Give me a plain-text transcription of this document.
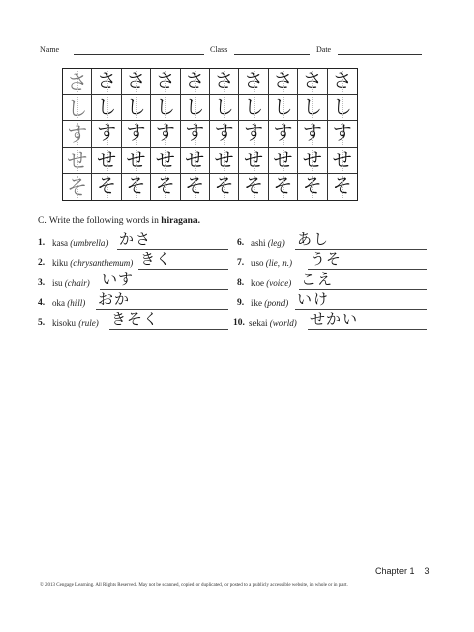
Name	Class	Date
さ さ さ さ さ さ さ さ さ さ
し し し し し し し し し し
す す す す す す す す す す
せ せ せ せ せ せ せ せ せ せ
そ そ そ そ そ そ そ そ そ そ
C. Write the following words in hiragana.
1. kasa (umbrella) かさ
2. kiku (chrysanthemum) きく
3. isu (chair) いす
4. oka (hill) おか
5. kisoku (rule) きそく
6. ashi (leg) あし
7. uso (lie, n.) うそ
8. koe (voice) こえ
9. ike (pond) いけ
10. sekai (world) せかい
Chapter 1 3
© 2013 Cengage Learning. All Rights Reserved. May not be scanned, copied or duplicated, or posted to a publicly accessible website, in whole or in part.
